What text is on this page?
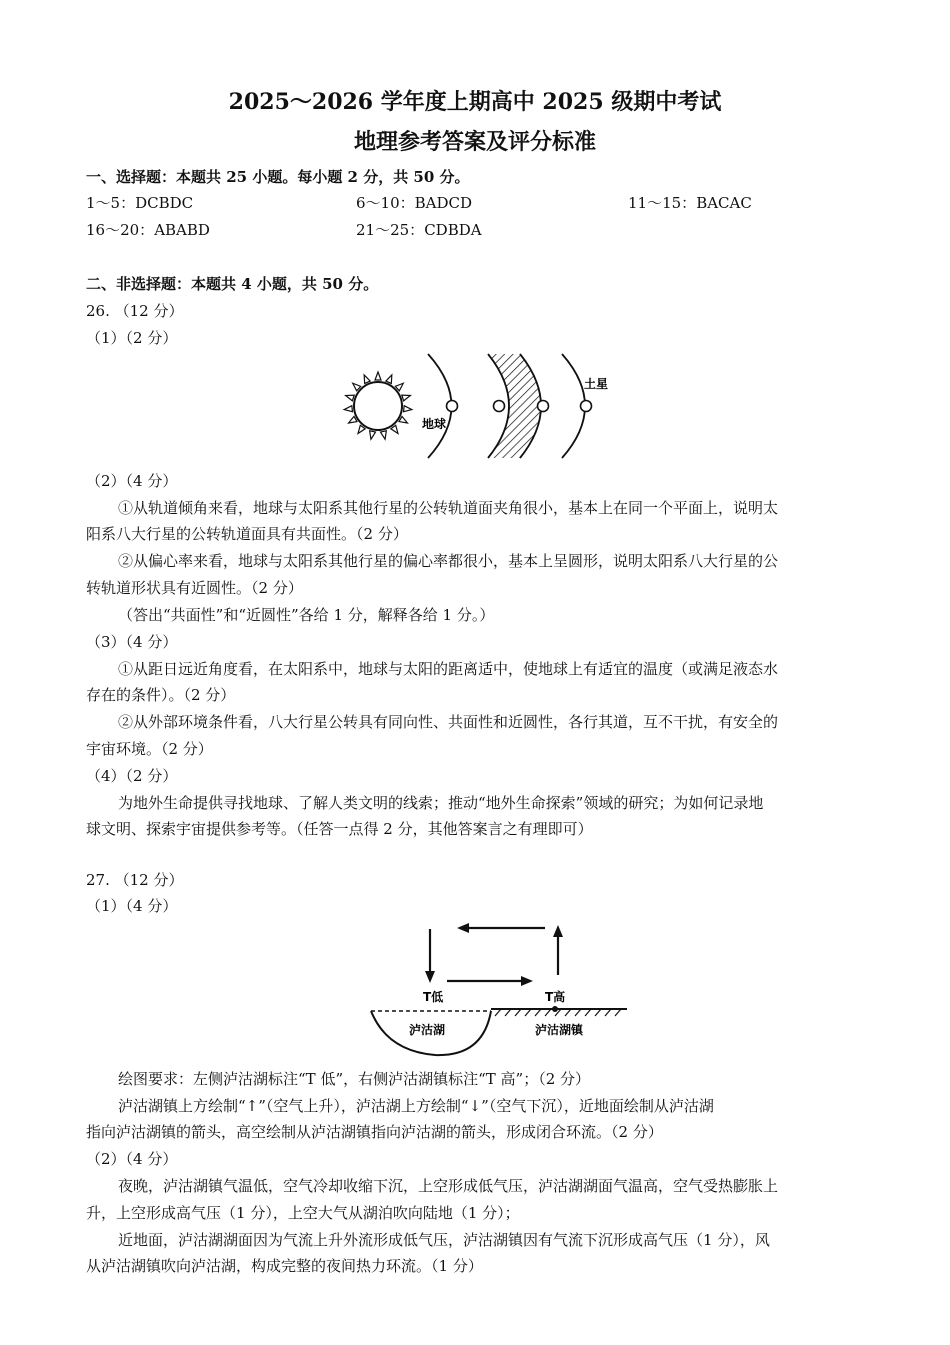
2025～2026 学年度上期高中 2025 级期中考试
地理参考答案及评分标准
一、选择题：本题共 25 小题。每小题 2 分，共 50 分。
1～5：DCBDC	6～10：BADCD	11～15：BACAC
16～20：ABABD	21～25：CDBDA
二、非选择题：本题共 4 小题，共 50 分。
26. （12 分）
（1）（2 分）
地球
土星
（2）（4 分）
①从轨道倾角来看，地球与太阳系其他行星的公转轨道面夹角很小，基本上在同一个平面上，说明太
阳系八大行星的公转轨道面具有共面性。（2 分）
②从偏心率来看，地球与太阳系其他行星的偏心率都很小，基本上呈圆形，说明太阳系八大行星的公
转轨道形状具有近圆性。（2 分）
（答出“共面性”和“近圆性”各给 1 分，解释各给 1 分。）
（3）（4 分）
①从距日远近角度看，在太阳系中，地球与太阳的距离适中，使地球上有适宜的温度（或满足液态水
存在的条件）。（2 分）
②从外部环境条件看，八大行星公转具有同向性、共面性和近圆性，各行其道，互不干扰，有安全的
宇宙环境。（2 分）
（4）（2 分）
为地外生命提供寻找地球、了解人类文明的线索；推动“地外生命探索”领域的研究；为如何记录地
球文明、探索宇宙提供参考等。（任答一点得 2 分，其他答案言之有理即可）
27. （12 分）
（1）（4 分）
T低	T高
泸沽湖	泸沽湖镇
绘图要求：左侧泸沽湖标注“T 低”，右侧泸沽湖镇标注“T 高”；（2 分）
泸沽湖镇上方绘制“↑”（空气上升），泸沽湖上方绘制“↓”（空气下沉），近地面绘制从泸沽湖
指向泸沽湖镇的箭头，高空绘制从泸沽湖镇指向泸沽湖的箭头，形成闭合环流。（2 分）
（2）（4 分）
夜晚，泸沽湖镇气温低，空气冷却收缩下沉，上空形成低气压，泸沽湖湖面气温高，空气受热膨胀上
升，上空形成高气压（1 分），上空大气从湖泊吹向陆地（1 分）；
近地面，泸沽湖湖面因为气流上升外流形成低气压，泸沽湖镇因有气流下沉形成高气压（1 分），风
从泸沽湖镇吹向泸沽湖，构成完整的夜间热力环流。（1 分）
